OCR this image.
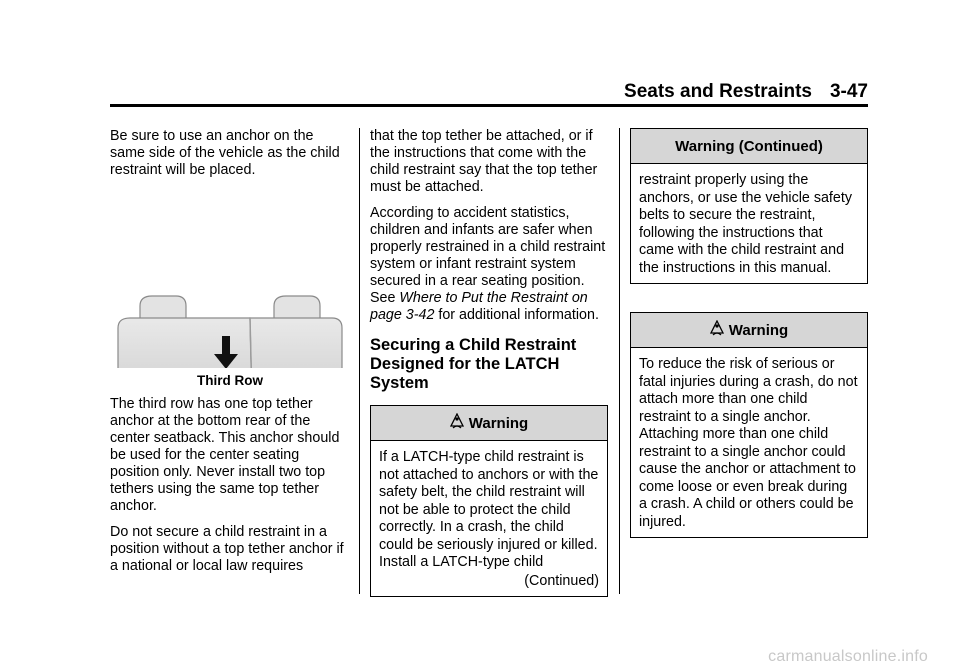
Seats and Restraints 3-47

Be sure to use an anchor on the same side of the vehicle as the child restraint will be placed.

Third Row

The third row has one top tether anchor at the bottom rear of the center seatback. This anchor should be used for the center seating position only. Never install two top tethers using the same top tether anchor.

Do not secure a child restraint in a position without a top tether anchor if a national or local law requires

that the top tether be attached, or if the instructions that come with the child restraint say that the top tether must be attached.

According to accident statistics, children and infants are safer when properly restrained in a child restraint system or infant restraint system secured in a rear seating position. See Where to Put the Restraint on page 3-42 for additional information.

Securing a Child Restraint Designed for the LATCH System
Warning
If a LATCH-type child restraint is not attached to anchors or with the safety belt, the child restraint will not be able to protect the child correctly. In a crash, the child could be seriously injured or killed. Install a LATCH-type child
(Continued)
Warning (Continued)
restraint properly using the anchors, or use the vehicle safety belts to secure the restraint, following the instructions that came with the child restraint and the instructions in this manual.
Warning
To reduce the risk of serious or fatal injuries during a crash, do not attach more than one child restraint to a single anchor. Attaching more than one child restraint to a single anchor could cause the anchor or attachment to come loose or even break during a crash. A child or others could be injured.
carmanualsonline.info
